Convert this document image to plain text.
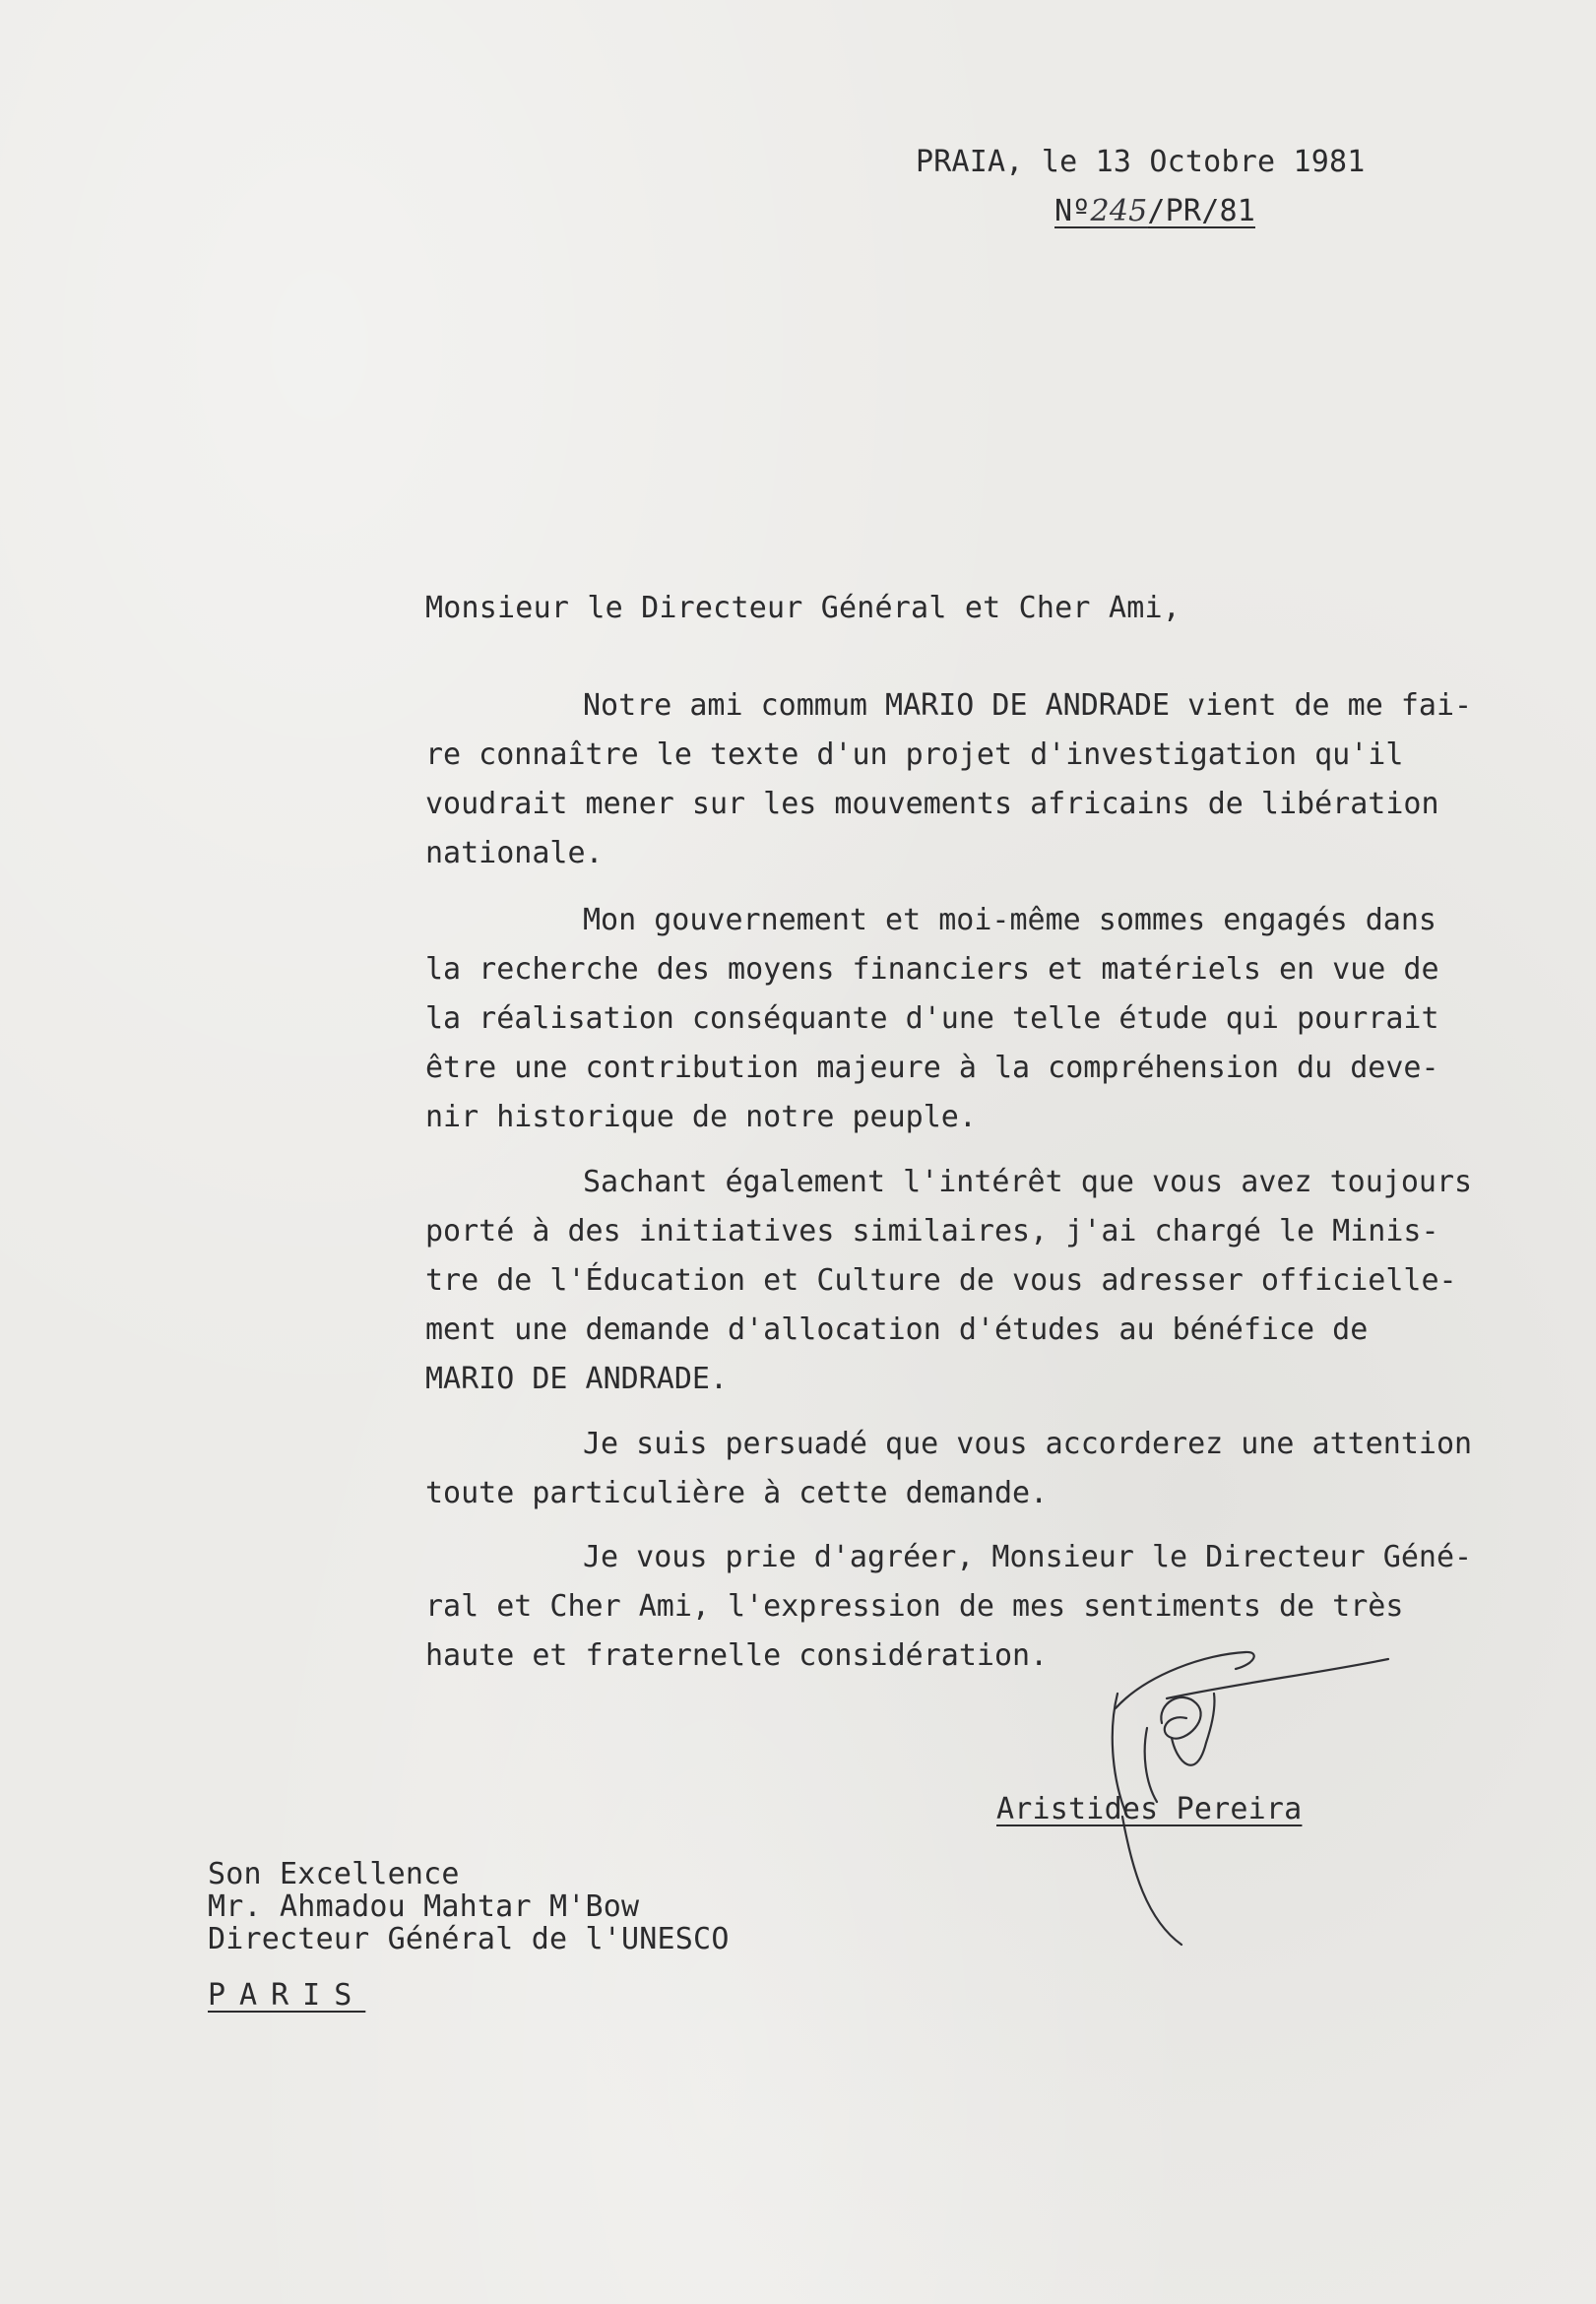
PRAIA, le 13 Octobre 1981
Nº245/PR/81
Monsieur le Directeur Général et Cher Ami,
Notre ami commum MARIO DE ANDRADE vient de me fai-
re connaître le texte d'un projet d'investigation qu'il
voudrait mener sur les mouvements africains de libération
nationale.
Mon gouvernement et moi-même sommes engagés dans
la recherche des moyens financiers et matériels en vue de
la réalisation conséquante d'une telle étude qui pourrait
être une contribution majeure à la compréhension du deve-
nir historique de notre peuple.
Sachant également l'intérêt que vous avez toujours
porté à des initiatives similaires, j'ai chargé le Minis-
tre de l'Éducation et Culture de vous adresser officielle-
ment une demande d'allocation d'études au bénéfice de
MARIO DE ANDRADE.
Je suis persuadé que vous accorderez une attention
toute particulière à cette demande.
Je vous prie d'agréer, Monsieur le Directeur Géné-
ral et Cher Ami, l'expression de mes sentiments de très
haute et fraternelle considération.
Aristides Pereira
Son Excellence
Mr. Ahmadou Mahtar M'Bow
Directeur Général de l'UNESCO
PARIS
